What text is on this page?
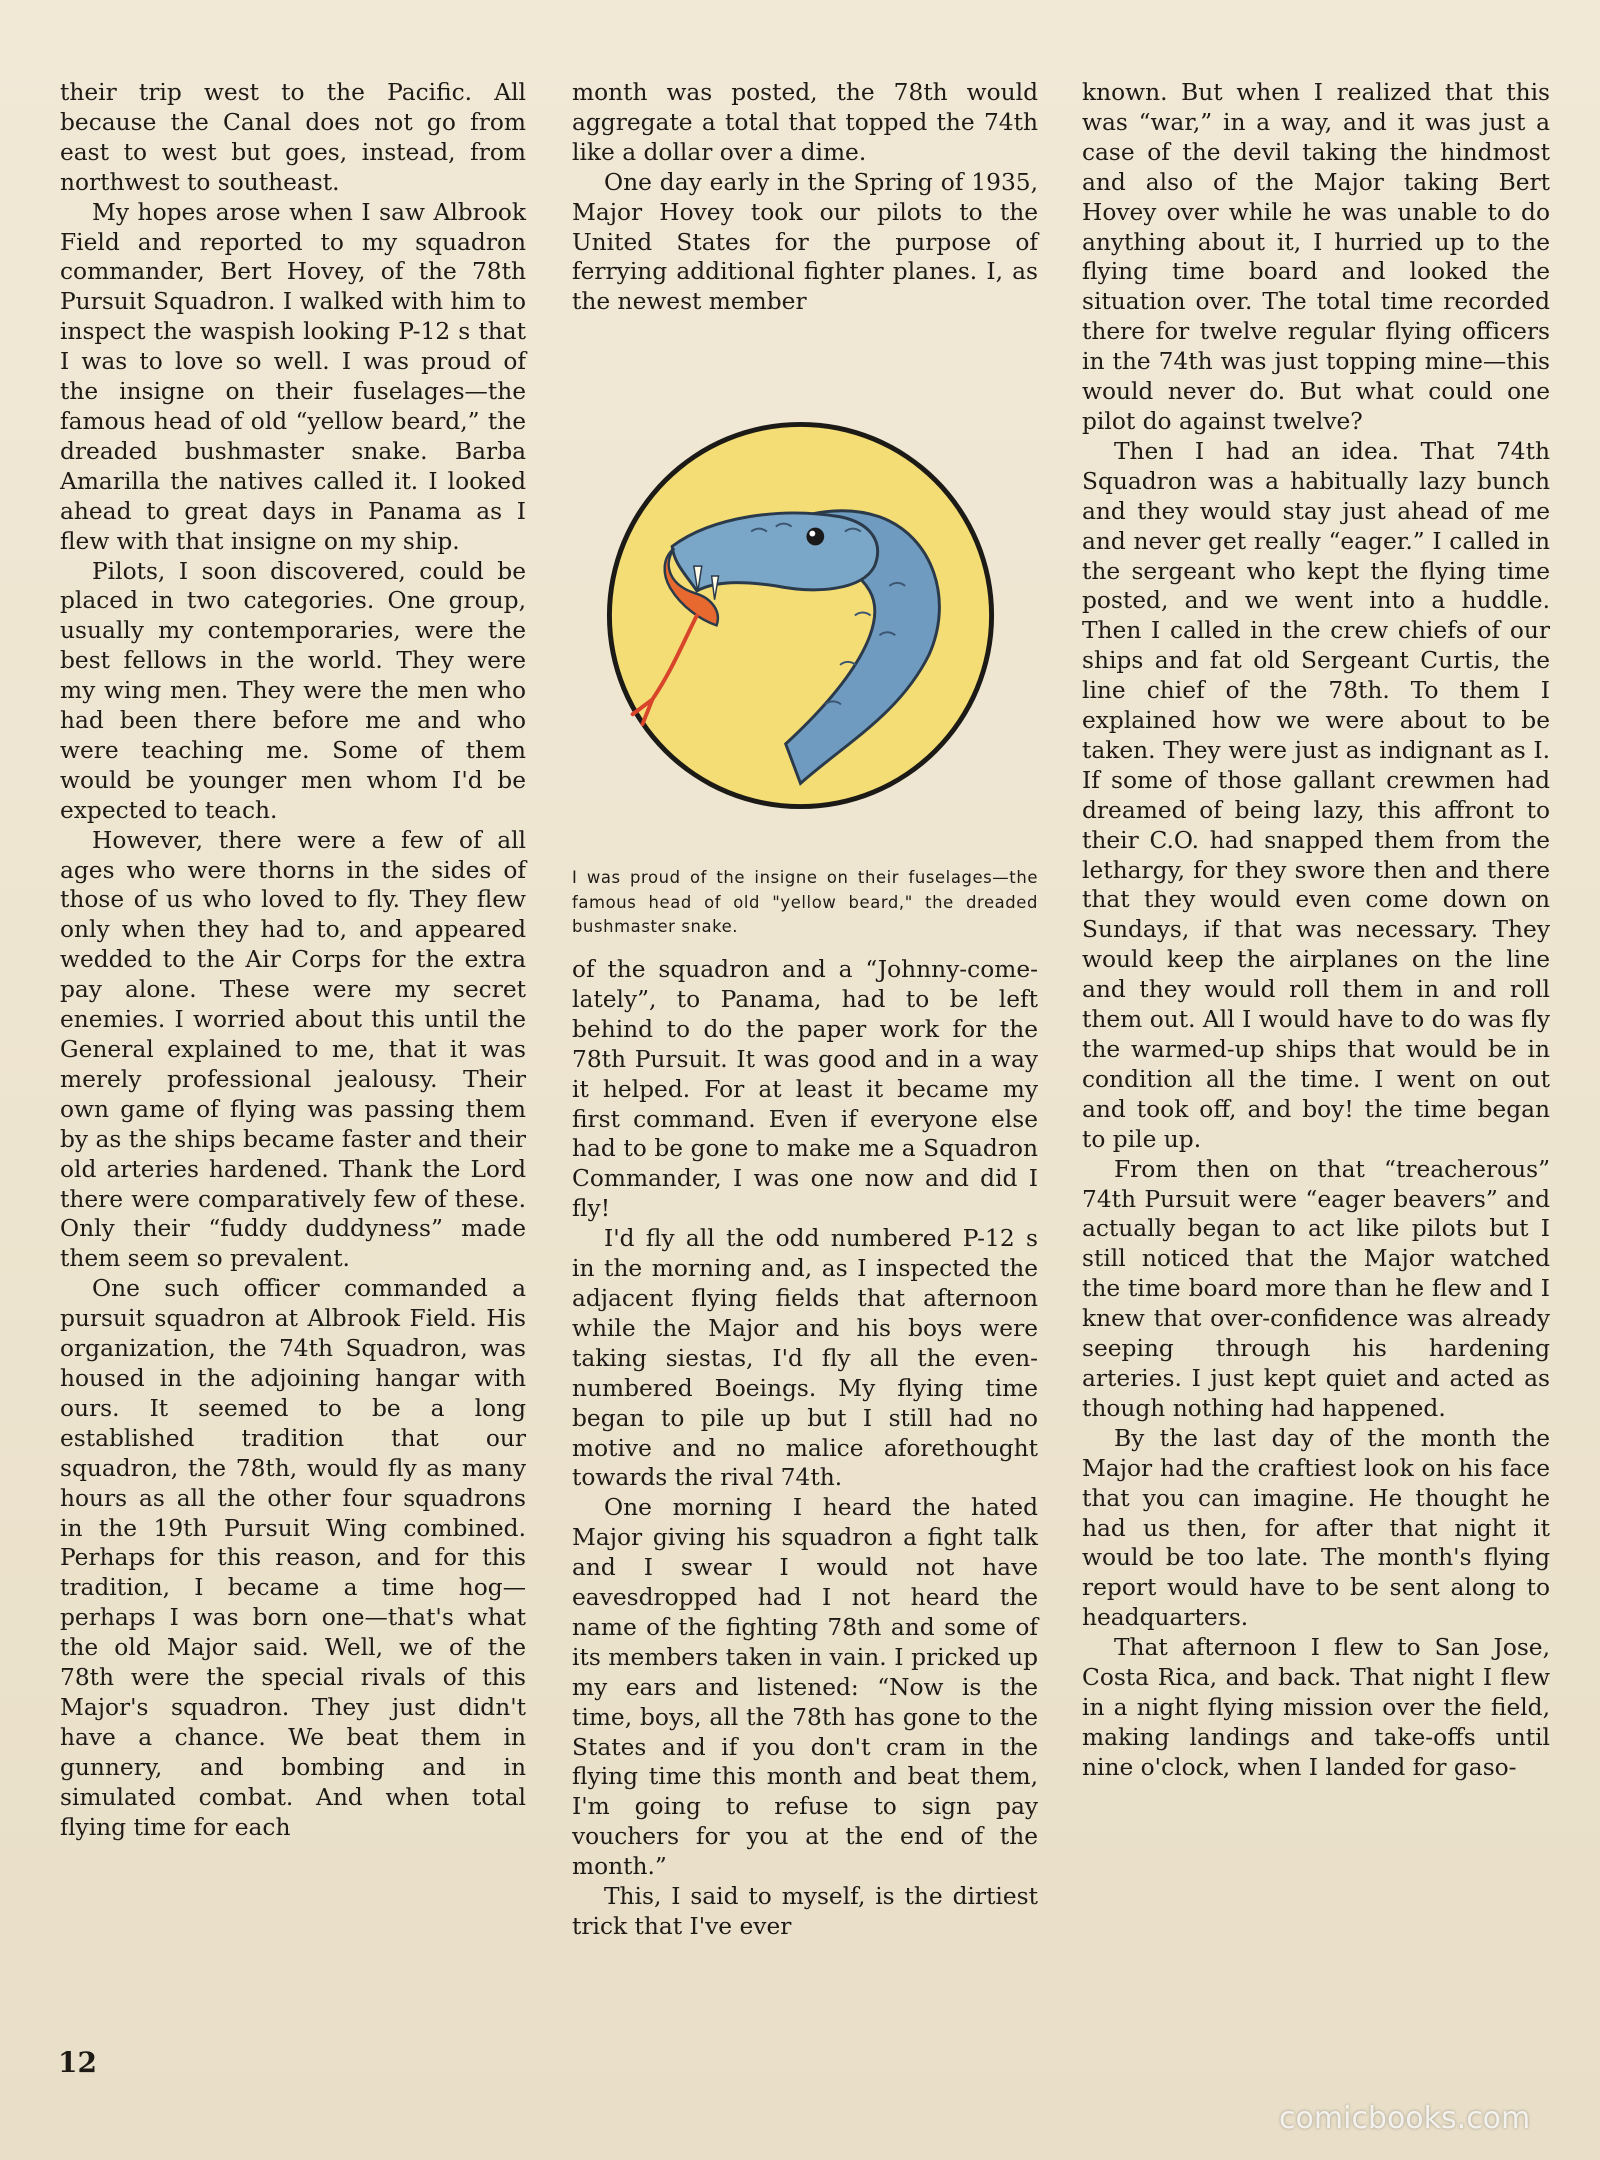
their trip west to the Pacific. All because the Canal does not go from east to west but goes, instead, from northwest to southeast.

My hopes arose when I saw Albrook Field and reported to my squadron commander, Bert Hovey, of the 78th Pursuit Squadron. I walked with him to inspect the waspish looking P-12 s that I was to love so well. I was proud of the insigne on their fuselages—the famous head of old “yellow beard,” the dreaded bushmaster snake. Barba Amarilla the natives called it. I looked ahead to great days in Panama as I flew with that insigne on my ship.

Pilots, I soon discovered, could be placed in two categories. One group, usually my contemporaries, were the best fellows in the world. They were my wing men. They were the men who had been there before me and who were teaching me. Some of them would be younger men whom I'd be expected to teach.

However, there were a few of all ages who were thorns in the sides of those of us who loved to fly. They flew only when they had to, and appeared wedded to the Air Corps for the extra pay alone. These were my secret enemies. I worried about this until the General explained to me, that it was merely professional jealousy. Their own game of flying was passing them by as the ships became faster and their old arteries hardened. Thank the Lord there were comparatively few of these. Only their “fuddy duddyness” made them seem so prevalent.

One such officer commanded a pursuit squadron at Albrook Field. His organization, the 74th Squadron, was housed in the adjoining hangar with ours. It seemed to be a long established tradition that our squadron, the 78th, would fly as many hours as all the other four squadrons in the 19th Pursuit Wing combined. Perhaps for this reason, and for this tradition, I became a time hog—perhaps I was born one—that's what the old Major said. Well, we of the 78th were the special rivals of this Major's squadron. They just didn't have a chance. We beat them in gunnery, and bombing and in simulated combat. And when total flying time for each

month was posted, the 78th would aggregate a total that topped the 74th like a dollar over a dime.

One day early in the Spring of 1935, Major Hovey took our pilots to the United States for the purpose of ferrying additional fighter planes. I, as the newest member

I was proud of the insigne on their fuselages—the famous head of old "yellow beard," the dreaded bushmaster snake.

of the squadron and a “Johnny-come-lately”, to Panama, had to be left behind to do the paper work for the 78th Pursuit. It was good and in a way it helped. For at least it became my first command. Even if everyone else had to be gone to make me a Squadron Commander, I was one now and did I fly!

I'd fly all the odd numbered P-12 s in the morning and, as I inspected the adjacent flying fields that afternoon while the Major and his boys were taking siestas, I'd fly all the even-numbered Boeings. My flying time began to pile up but I still had no motive and no malice aforethought towards the rival 74th.

One morning I heard the hated Major giving his squadron a fight talk and I swear I would not have eavesdropped had I not heard the name of the fighting 78th and some of its members taken in vain. I pricked up my ears and listened: “Now is the time, boys, all the 78th has gone to the States and if you don't cram in the flying time this month and beat them, I'm going to refuse to sign pay vouchers for you at the end of the month.”

This, I said to myself, is the dirtiest trick that I've ever

known. But when I realized that this was “war,” in a way, and it was just a case of the devil taking the hindmost and also of the Major taking Bert Hovey over while he was unable to do anything about it, I hurried up to the flying time board and looked the situation over. The total time recorded there for twelve regular flying officers in the 74th was just topping mine—this would never do. But what could one pilot do against twelve?

Then I had an idea. That 74th Squadron was a habitually lazy bunch and they would stay just ahead of me and never get really “eager.” I called in the sergeant who kept the flying time posted, and we went into a huddle. Then I called in the crew chiefs of our ships and fat old Sergeant Curtis, the line chief of the 78th. To them I explained how we were about to be taken. They were just as indignant as I. If some of those gallant crewmen had dreamed of being lazy, this affront to their C.O. had snapped them from the lethargy, for they swore then and there that they would even come down on Sundays, if that was necessary. They would keep the airplanes on the line and they would roll them in and roll them out. All I would have to do was fly the warmed-up ships that would be in condition all the time. I went on out and took off, and boy! the time began to pile up.

From then on that “treacherous” 74th Pursuit were “eager beavers” and actually began to act like pilots but I still noticed that the Major watched the time board more than he flew and I knew that over-confidence was already seeping through his hardening arteries. I just kept quiet and acted as though nothing had happened.

By the last day of the month the Major had the craftiest look on his face that you can imagine. He thought he had us then, for after that night it would be too late. The month's flying report would have to be sent along to headquarters.

That afternoon I flew to San Jose, Costa Rica, and back. That night I flew in a night flying mission over the field, making landings and take-offs until nine o'clock, when I landed for gaso-

12
comicbooks.com
